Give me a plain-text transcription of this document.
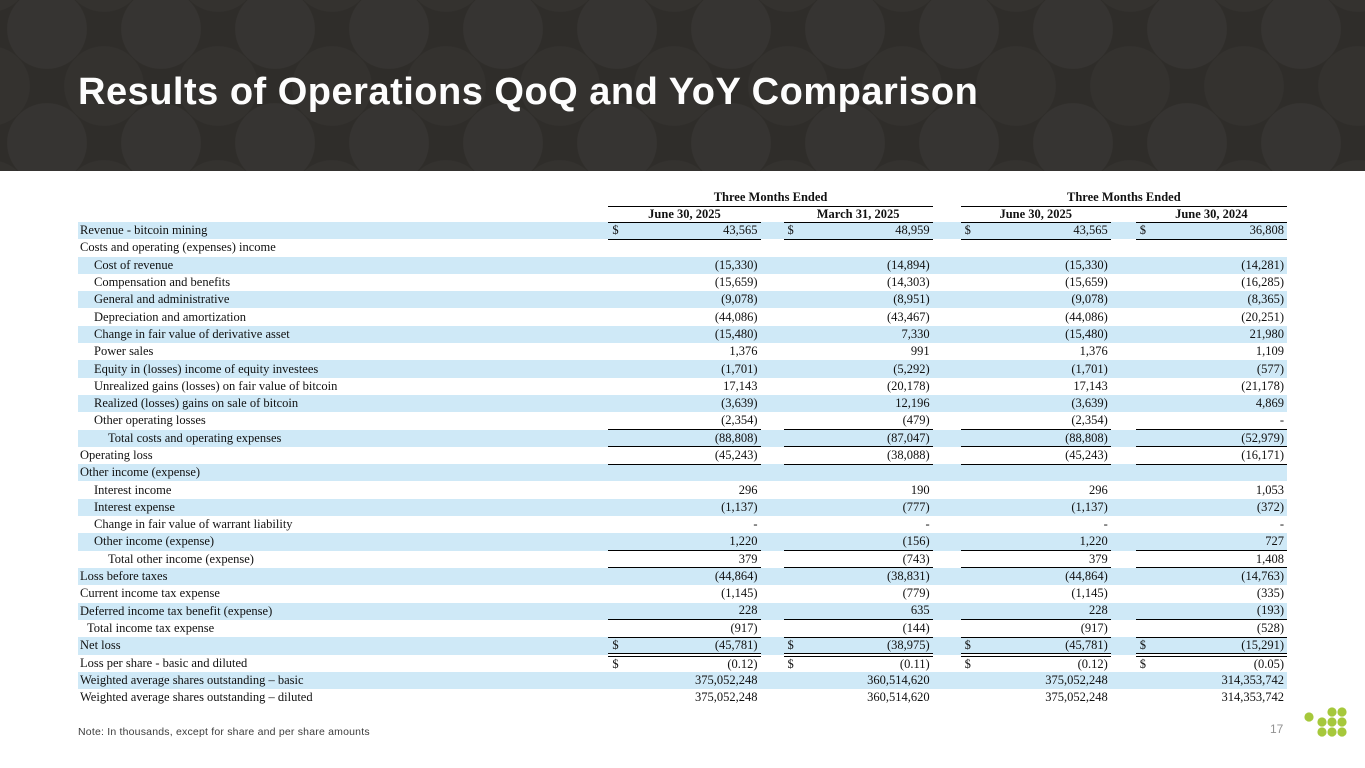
Results of Operations QoQ and YoY Comparison
		Three Months Ended				Three Months Ended		
		June 30, 2025		March 31, 2025		June 30, 2025		June 30, 2024
Revenue - bitcoin mining		$ 43,565		$ 48,959		$ 43,565		$ 36,808

Costs and operating (expenses) income		

Cost of revenue		(15,330)		(14,894)		(15,330)		(14,281)

Compensation and benefits		(15,659)		(14,303)		(15,659)		(16,285)

General and administrative		(9,078)		(8,951)		(9,078)		(8,365)

Depreciation and amortization		(44,086)		(43,467)		(44,086)		(20,251)

Change in fair value of derivative asset		(15,480)		7,330		(15,480)		21,980

Power sales		1,376		991		1,376		1,109

Equity in (losses) income of equity investees		(1,701)		(5,292)		(1,701)		(577)

Unrealized gains (losses) on fair value of bitcoin		17,143		(20,178)		17,143		(21,178)

Realized (losses) gains on sale of bitcoin		(3,639)		12,196		(3,639)		4,869

Other operating losses		(2,354)		(479)		(2,354)		-

Total costs and operating expenses		(88,808)		(87,047)		(88,808)		(52,979)

Operating loss		(45,243)		(38,088)		(45,243)		(16,171)

Other income (expense)		

Interest income		296		190		296		1,053

Interest expense		(1,137)		(777)		(1,137)		(372)

Change in fair value of warrant liability		-		-		-		-

Other income (expense)		1,220		(156)		1,220		727

Total other income (expense)		379		(743)		379		1,408

Loss before taxes		(44,864)		(38,831)		(44,864)		(14,763)

Current income tax expense		(1,145)		(779)		(1,145)		(335)

Deferred income tax benefit (expense)		228		635		228		(193)

Total income tax expense		(917)		(144)		(917)		(528)

Net loss		$ (45,781)		$ (38,975)		$ (45,781)		$ (15,291)

Loss per share - basic and diluted		$ (0.12)		$ (0.11)		$ (0.12)		$ (0.05)

Weighted average shares outstanding – basic		375,052,248		360,514,620		375,052,248		314,353,742

Weighted average shares outstanding – diluted		375,052,248		360,514,620		375,052,248		314,353,742
Note: In thousands, except for share and per share amounts	17
